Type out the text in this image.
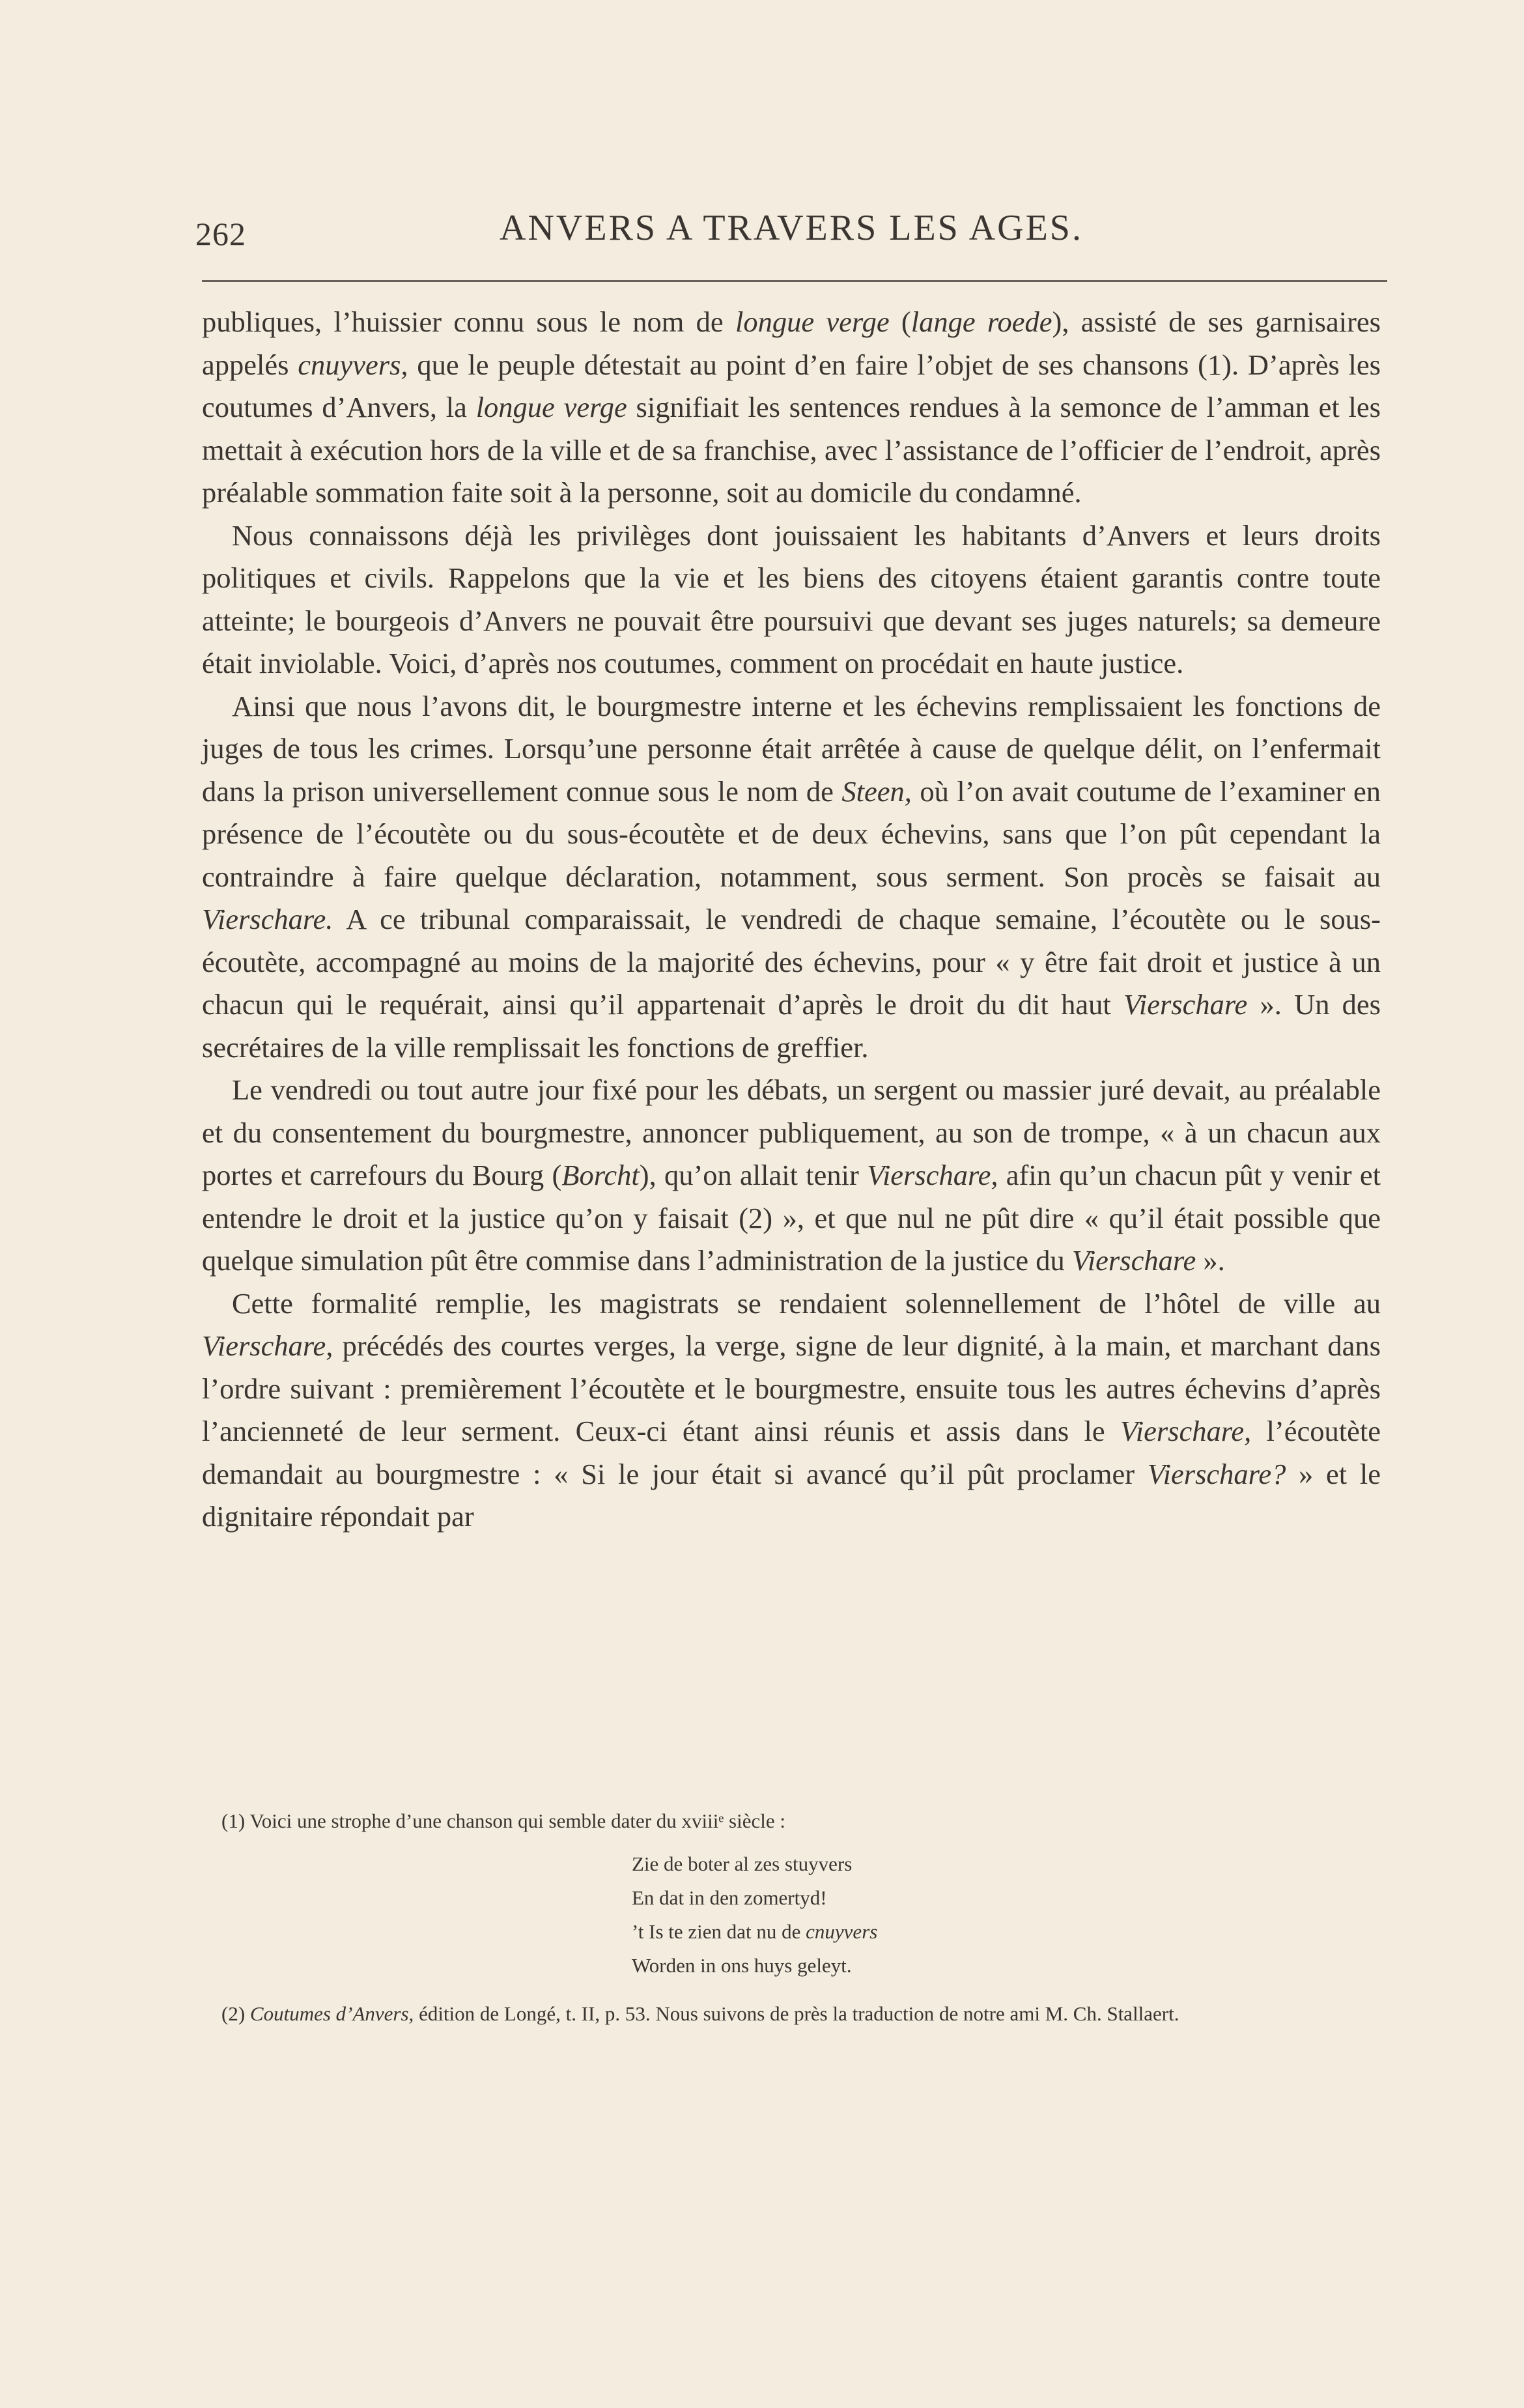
262	ANVERS A TRAVERS LES AGES.

publiques, l’huissier connu sous le nom de longue verge (lange roede), assisté de ses garnisaires appelés cnuyvers, que le peuple détestait au point d’en faire l’objet de ses chansons (1). D’après les coutumes d’Anvers, la longue verge signifiait les sentences rendues à la semonce de l’amman et les mettait à exécution hors de la ville et de sa franchise, avec l’assistance de l’officier de l’endroit, après préalable sommation faite soit à la personne, soit au domicile du condamné.

Nous connaissons déjà les privilèges dont jouissaient les habitants d’Anvers et leurs droits politiques et civils. Rappelons que la vie et les biens des citoyens étaient garantis contre toute atteinte; le bourgeois d’Anvers ne pouvait être poursuivi que devant ses juges naturels; sa demeure était inviolable. Voici, d’après nos coutumes, comment on procédait en haute justice.

Ainsi que nous l’avons dit, le bourgmestre interne et les échevins remplissaient les fonctions de juges de tous les crimes. Lorsqu’une personne était arrêtée à cause de quelque délit, on l’enfermait dans la prison universellement connue sous le nom de Steen, où l’on avait coutume de l’examiner en présence de l’écoutète ou du sous-écoutète et de deux échevins, sans que l’on pût cependant la contraindre à faire quelque déclaration, notamment, sous serment. Son procès se faisait au Vierschare. A ce tribunal comparaissait, le vendredi de chaque semaine, l’écoutète ou le sous-écoutète, accompagné au moins de la majorité des échevins, pour « y être fait droit et justice à un chacun qui le requérait, ainsi qu’il appartenait d’après le droit du dit haut Vierschare ». Un des secrétaires de la ville remplissait les fonctions de greffier.

Le vendredi ou tout autre jour fixé pour les débats, un sergent ou massier juré devait, au préalable et du consentement du bourgmestre, annoncer publiquement, au son de trompe, « à un chacun aux portes et carrefours du Bourg (Borcht), qu’on allait tenir Vierschare, afin qu’un chacun pût y venir et entendre le droit et la justice qu’on y faisait (2) », et que nul ne pût dire « qu’il était possible que quelque simulation pût être commise dans l’administration de la justice du Vierschare ».

Cette formalité remplie, les magistrats se rendaient solennellement de l’hôtel de ville au Vierschare, précédés des courtes verges, la verge, signe de leur dignité, à la main, et marchant dans l’ordre suivant : premièrement l’écoutète et le bourgmestre, ensuite tous les autres échevins d’après l’ancienneté de leur serment. Ceux-ci étant ainsi réunis et assis dans le Vierschare, l’écoutète demandait au bourgmestre : « Si le jour était si avancé qu’il pût proclamer Vierschare? » et le dignitaire répondait par

(1) Voici une strophe d’une chanson qui semble dater du xviiiᵉ siècle :

Zie de boter al zes stuyvers
En dat in den zomertyd!
’t Is te zien dat nu de cnuyvers
Worden in ons huys geleyt.

(2) Coutumes d’Anvers, édition de Longé, t. II, p. 53. Nous suivons de près la traduction de notre ami M. Ch. Stallaert.
